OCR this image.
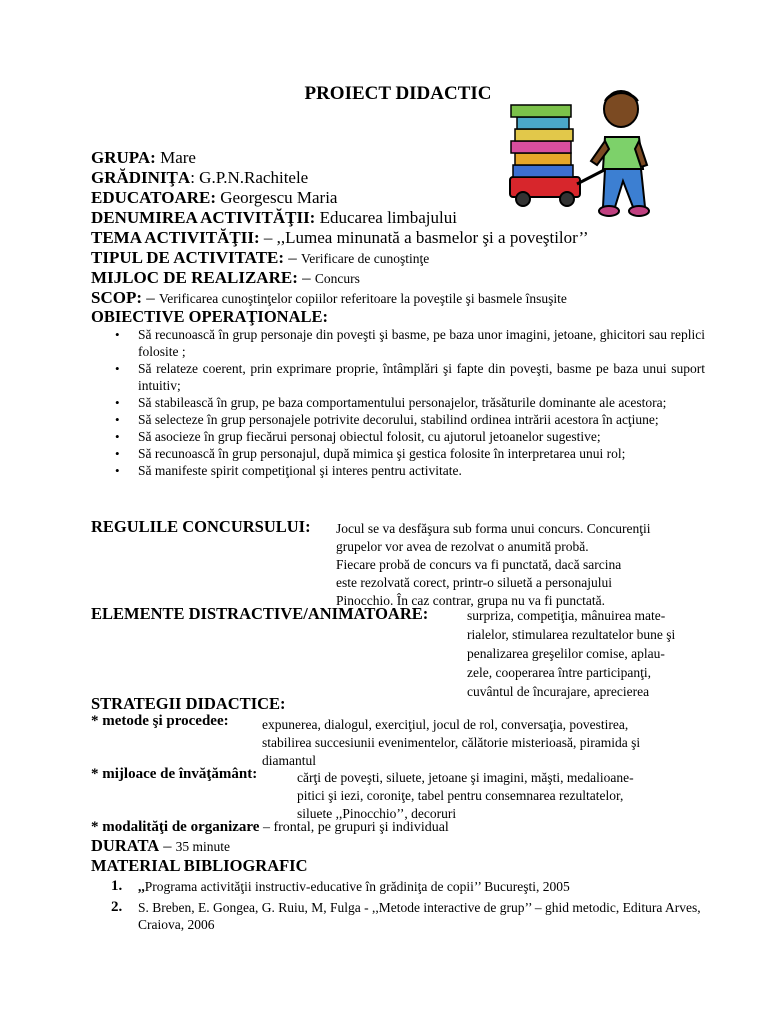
PROIECT DIDACTIC
GRUPA: Mare
GRĂDINIŢA: G.P.N.Rachitele
EDUCATOARE: Georgescu Maria
DENUMIREA ACTIVITĂŢII: Educarea limbajului
TEMA ACTIVITĂŢII: – ,,Lumea minunată a basmelor şi a poveştilor’’
TIPUL DE ACTIVITATE: – Verificare de cunoştinţe
MIJLOC DE REALIZARE: – Concurs
SCOP: – Verificarea cunoştinţelor copiilor referitoare la poveştile şi basmele însuşite
OBIECTIVE OPERAŢIONALE:
• Să recunoască în grup personaje din poveşti şi basme, pe baza unor imagini, jetoane, ghicitori sau replici folosite ;
• Să relateze coerent, prin exprimare proprie, întâmplări şi fapte din poveşti, basme pe baza unui suport intuitiv;
• Să stabilească în grup, pe baza comportamentului personajelor, trăsăturile dominante ale acestora;
• Să selecteze în grup personajele potrivite decorului, stabilind ordinea intrării acestora în acţiune;
• Să asocieze în grup fiecărui personaj obiectul folosit, cu ajutorul jetoanelor sugestive;
• Să recunoască în grup personajul, după mimica şi gestica folosite în interpretarea unui rol;
• Să manifeste spirit competiţional şi interes pentru activitate.
REGULILE CONCURSULUI: Jocul se va desfăşura sub forma unui concurs. Concurenţii
grupelor vor avea de rezolvat o anumită probă.
Fiecare probă de concurs va fi punctată, dacă sarcina
este rezolvată corect, printr-o siluetă a personajului
Pinocchio. În caz contrar, grupa nu va fi punctată.
ELEMENTE DISTRACTIVE/ANIMATOARE:	surpriza, competiţia, mânuirea mate-
rialelor, stimularea rezultatelor bune şi
penalizarea greşelilor comise, aplau-
zele, cooperarea între participanţi,
cuvântul de încurajare, aprecierea
STRATEGII DIDACTICE:
* metode şi procedee: expunerea, dialogul, exerciţiul, jocul de rol, conversaţia, povestirea,
stabilirea succesiunii evenimentelor, călătorie misterioasă, piramida şi
diamantul
* mijloace de învăţământ:	cărţi de poveşti, siluete, jetoane şi imagini, măşti, medalioane-
pitici şi iezi, coroniţe, tabel pentru consemnarea rezultatelor,
siluete ,,Pinocchio’’, decoruri
* modalităţi de organizare – frontal, pe grupuri şi individual
DURATA – 35 minute
MATERIAL BIBLIOGRAFIC
1. ,,Programa activităţii instructiv-educative în grădiniţa de copii’’ Bucureşti, 2005
2. S. Breben, E. Gongea, G. Ruiu, M, Fulga - ,,Metode interactive de grup’’ – ghid metodic, Editura Arves, Craiova, 2006
